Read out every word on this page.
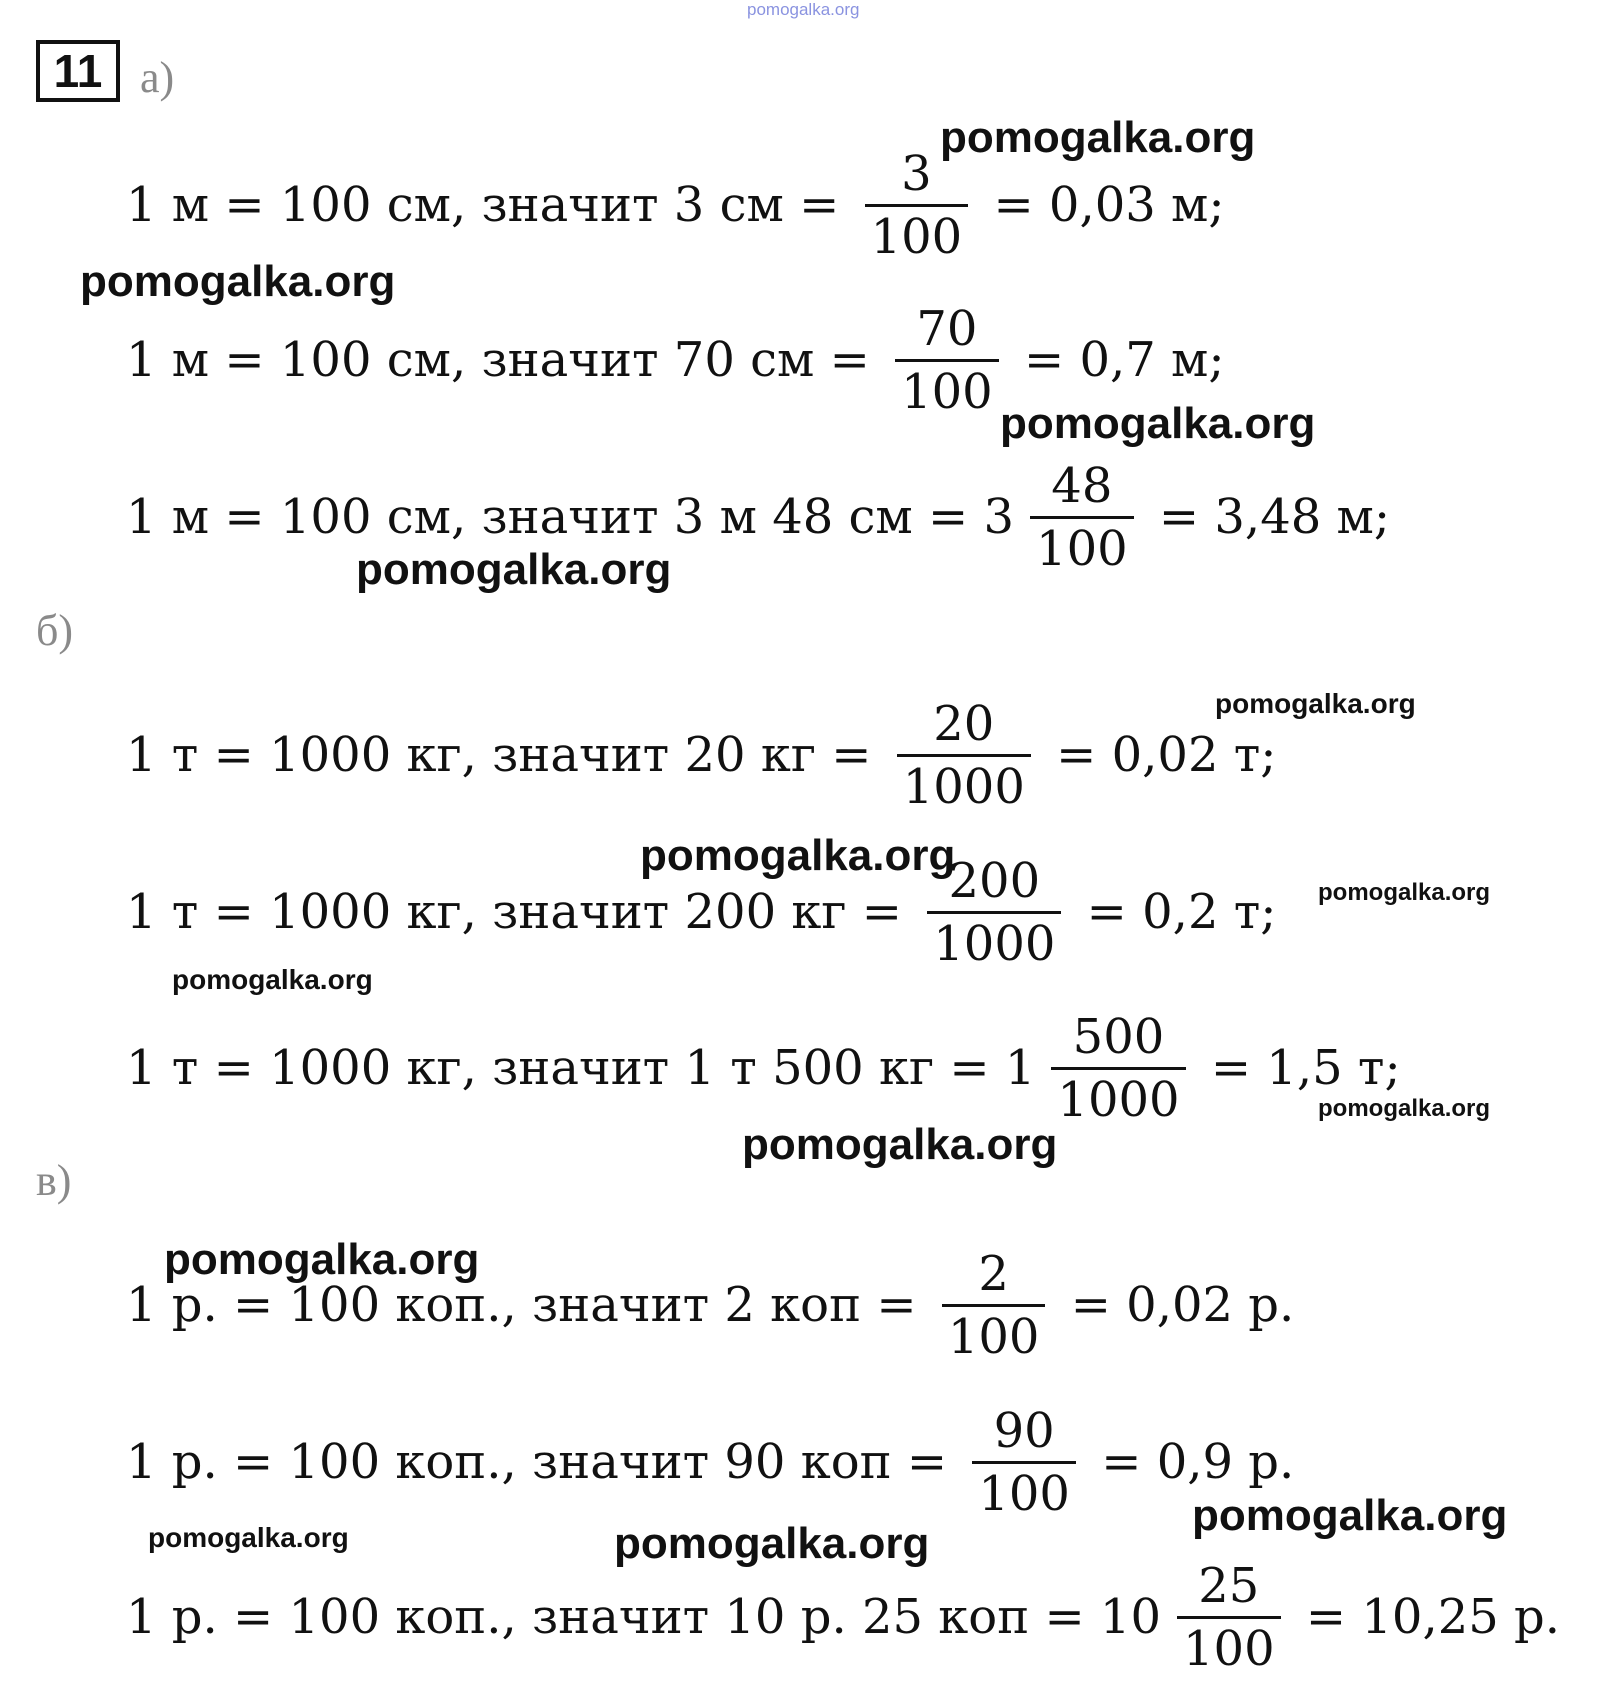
pomogalka.org
11 а)
б)
в)
1 м = 100 см, значит 3 см = $\frac{3}{100} = 0,03$ м;
1 м = 100 см, значит 70 см = $\frac{70}{100} = 0,7$ м;
1 м = 100 см, значит 3 м 48 см = $3 \frac{48}{100} = 3,48$ м;
1 т = 1000 кг, значит 20 кг = $\frac{20}{1000} = 0,02$ т;
1 т = 1000 кг, значит 200 кг = $\frac{200}{1000} = 0,2$ т;
1 т = 1000 кг, значит 1 т 500 кг = $1 \frac{500}{1000} = 1,5$ т;
1 р. = 100 коп., значит 2 коп = $\frac{2}{100} = 0,02$ р.
1 р. = 100 коп., значит 90 коп = $\frac{90}{100} = 0,9$ р.
1 р. = 100 коп., значит 10 р. 25 коп = $10 \frac{25}{100} = 10,25$ р.
pomogalka.org
pomogalka.org
pomogalka.org
pomogalka.org
pomogalka.org
pomogalka.org
pomogalka.org
pomogalka.org
pomogalka.org
pomogalka.org
pomogalka.org
pomogalka.org
pomogalka.org	pomogalka.org
